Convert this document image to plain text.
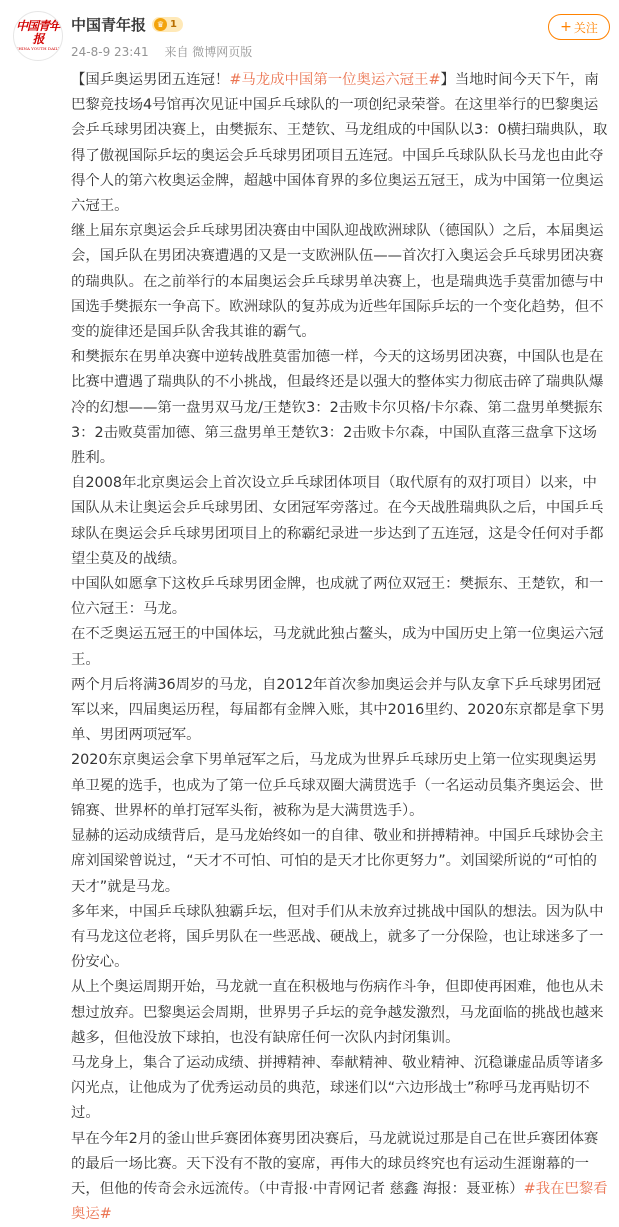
中国青年报
CHINA YOUTH DAILY
中国青年报	♛ 1
24-8-9 23:41 来自 微博网页版
+ 关注

【国乒奥运男团五连冠！#马龙成中国第一位奥运六冠王#】当地时间今天下午，南巴黎竞技场4号馆再次见证中国乒乓球队的一项创纪录荣誉。在这里举行的巴黎奥运会乒乓球男团决赛上，由樊振东、王楚钦、马龙组成的中国队以3：0横扫瑞典队，取得了傲视国际乒坛的奥运会乒乓球男团项目五连冠。中国乒乓球队队长马龙也由此夺得个人的第六枚奥运金牌，超越中国体育界的多位奥运五冠王，成为中国第一位奥运六冠王。

继上届东京奥运会乒乓球男团决赛由中国队迎战欧洲球队（德国队）之后，本届奥运会，国乒队在男团决赛遭遇的又是一支欧洲队伍——首次打入奥运会乒乓球男团决赛的瑞典队。在之前举行的本届奥运会乒乓球男单决赛上，也是瑞典选手莫雷加德与中国选手樊振东一争高下。欧洲球队的复苏成为近些年国际乒坛的一个变化趋势，但不变的旋律还是国乒队舍我其谁的霸气。

和樊振东在男单决赛中逆转战胜莫雷加德一样，今天的这场男团决赛，中国队也是在比赛中遭遇了瑞典队的不小挑战，但最终还是以强大的整体实力彻底击碎了瑞典队爆冷的幻想——第一盘男双马龙/王楚钦3：2击败卡尔贝格/卡尔森、第二盘男单樊振东3：2击败莫雷加德、第三盘男单王楚钦3：2击败卡尔森，中国队直落三盘拿下这场胜利。

自2008年北京奥运会上首次设立乒乓球团体项目（取代原有的双打项目）以来，中国队从未让奥运会乒乓球男团、女团冠军旁落过。在今天战胜瑞典队之后，中国乒乓球队在奥运会乒乓球男团项目上的称霸纪录进一步达到了五连冠，这是令任何对手都望尘莫及的战绩。

中国队如愿拿下这枚乒乓球男团金牌，也成就了两位双冠王：樊振东、王楚钦，和一位六冠王：马龙。

在不乏奥运五冠王的中国体坛，马龙就此独占鳌头，成为中国历史上第一位奥运六冠王。

两个月后将满36周岁的马龙，自2012年首次参加奥运会并与队友拿下乒乓球男团冠军以来，四届奥运历程，每届都有金牌入账，其中2016里约、2020东京都是拿下男单、男团两项冠军。

2020东京奥运会拿下男单冠军之后，马龙成为世界乒乓球历史上第一位实现奥运男单卫冕的选手，也成为了第一位乒乓球双圈大满贯选手（一名运动员集齐奥运会、世锦赛、世界杯的单打冠军头衔，被称为是大满贯选手）。

显赫的运动成绩背后，是马龙始终如一的自律、敬业和拼搏精神。中国乒乓球协会主席刘国梁曾说过，“天才不可怕、可怕的是天才比你更努力”。刘国梁所说的“可怕的天才”就是马龙。

多年来，中国乒乓球队独霸乒坛，但对手们从未放弃过挑战中国队的想法。因为队中有马龙这位老将，国乒男队在一些恶战、硬战上，就多了一分保险，也让球迷多了一份安心。

从上个奥运周期开始，马龙就一直在积极地与伤病作斗争，但即使再困难，他也从未想过放弃。巴黎奥运会周期，世界男子乒坛的竞争越发激烈，马龙面临的挑战也越来越多，但他没放下球拍，也没有缺席任何一次队内封闭集训。

马龙身上，集合了运动成绩、拼搏精神、奉献精神、敬业精神、沉稳谦虚品质等诸多闪光点，让他成为了优秀运动员的典范，球迷们以“六边形战士”称呼马龙再贴切不过。

早在今年2月的釜山世乒赛团体赛男团决赛后，马龙就说过那是自己在世乒赛团体赛的最后一场比赛。天下没有不散的宴席，再伟大的球员终究也有运动生涯谢幕的一天，但他的传奇会永远流传。（中青报·中青网记者 慈鑫 海报：聂亚栋）#我在巴黎看奥运#
